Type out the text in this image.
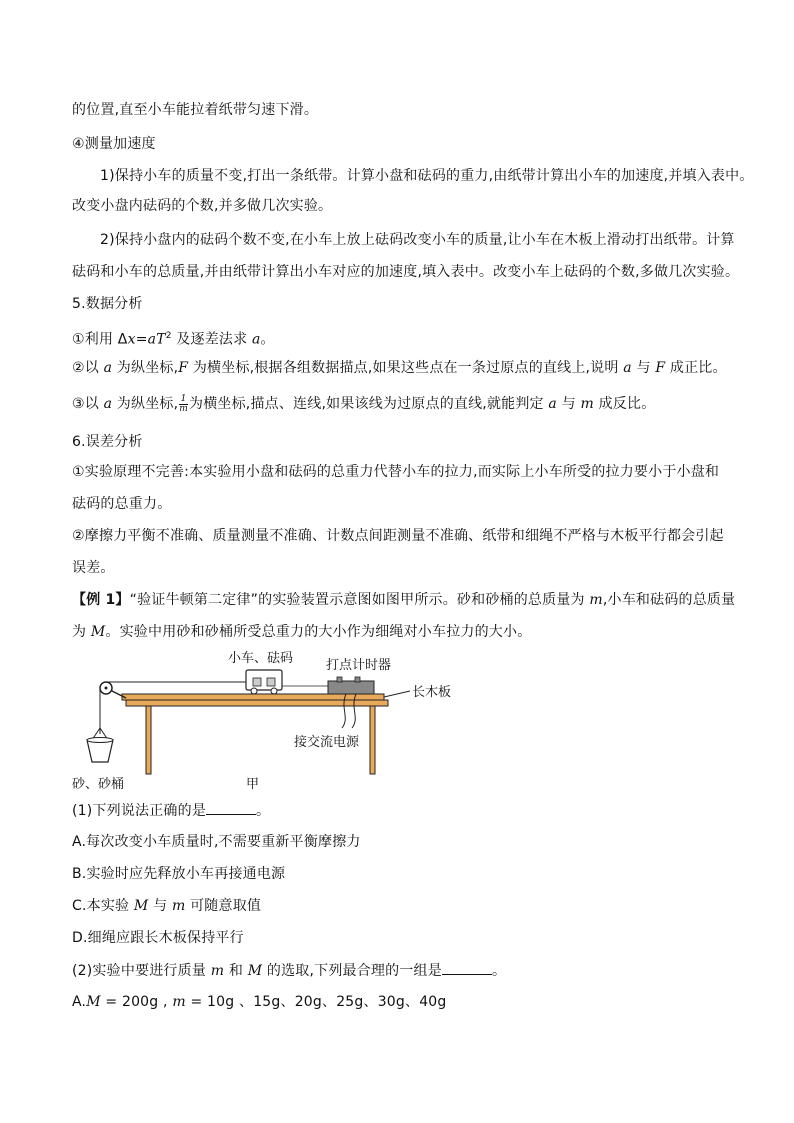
的位置,直至小车能拉着纸带匀速下滑。
④测量加速度
1)保持小车的质量不变,打出一条纸带。计算小盘和砝码的重力,由纸带计算出小车的加速度,并填入表中。
改变小盘内砝码的个数,并多做几次实验。
2)保持小盘内的砝码个数不变,在小车上放上砝码改变小车的质量,让小车在木板上滑动打出纸带。计算
砝码和小车的总质量,并由纸带计算出小车对应的加速度,填入表中。改变小车上砝码的个数,多做几次实验。
5.数据分析
①利用 $\Delta x=aT^2$ 及逐差法求 a。
②以 a 为纵坐标,F 为横坐标,根据各组数据描点,如果这些点在一条过原点的直线上,说明 a 与 F 成正比。
③以 a 为纵坐标, $\frac{1}{m}$ 为横坐标,描点、连线,如果该线为过原点的直线,就能判定 a 与 m 成反比。
6.误差分析
①实验原理不完善:本实验用小盘和砝码的总重力代替小车的拉力,而实际上小车所受的拉力要小于小盘和
砝码的总重力。
②摩擦力平衡不准确、质量测量不准确、计数点间距测量不准确、纸带和细绳不严格与木板平行都会引起
误差。
【例 1】“验证牛顿第二定律”的实验装置示意图如图甲所示。砂和砂桶的总质量为 m,小车和砝码的总质量
为 M。实验中用砂和砂桶所受总重力的大小作为细绳对小车拉力的大小。
小车、砝码	打点计时器
长木板
接交流电源
砂、砂桶	甲
(1)下列说法正确的是	。
A.每次改变小车质量时,不需要重新平衡摩擦力
B.实验时应先释放小车再接通电源
C.本实验 M 与 m 可随意取值
D.细绳应跟长木板保持平行
(2)实验中要进行质量 m 和 M 的选取,下列最合理的一组是	。
A.M = 200g , m = 10g 、15g、20g、25g、30g、40g
